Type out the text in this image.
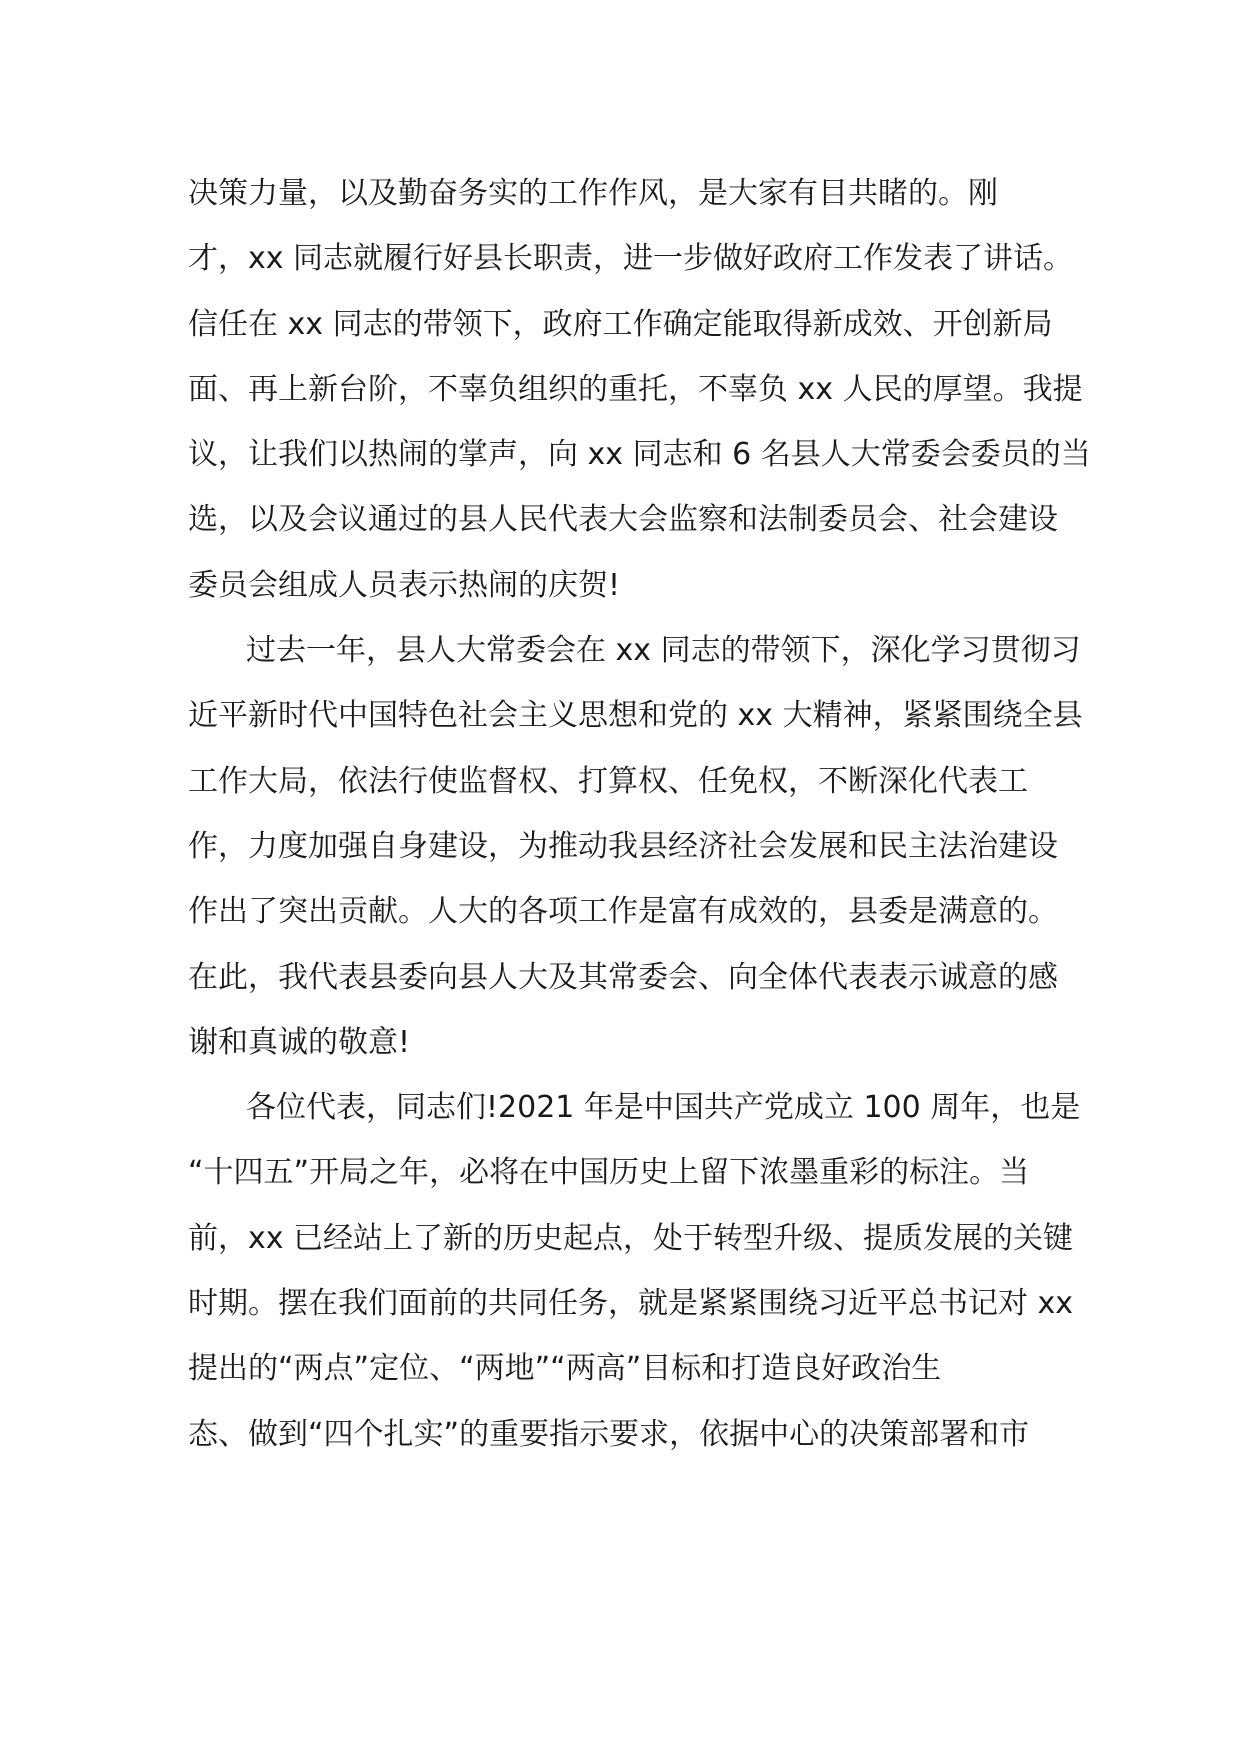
决策力量，以及勤奋务实的工作作风，是大家有目共睹的。刚
才，xx 同志就履行好县长职责，进一步做好政府工作发表了讲话。
信任在 xx 同志的带领下，政府工作确定能取得新成效、开创新局
面、再上新台阶，不辜负组织的重托，不辜负 xx 人民的厚望。我提
议，让我们以热闹的掌声，向 xx 同志和 6 名县人大常委会委员的当
选，以及会议通过的县人民代表大会监察和法制委员会、社会建设
委员会组成人员表示热闹的庆贺!
过去一年，县人大常委会在 xx 同志的带领下，深化学习贯彻习
近平新时代中国特色社会主义思想和党的 xx 大精神，紧紧围绕全县
工作大局，依法行使监督权、打算权、任免权，不断深化代表工
作，力度加强自身建设，为推动我县经济社会发展和民主法治建设
作出了突出贡献。人大的各项工作是富有成效的，县委是满意的。
在此，我代表县委向县人大及其常委会、向全体代表表示诚意的感
谢和真诚的敬意!
各位代表，同志们!2021 年是中国共产党成立 100 周年，也是
“十四五”开局之年，必将在中国历史上留下浓墨重彩的标注。当
前，xx 已经站上了新的历史起点，处于转型升级、提质发展的关键
时期。摆在我们面前的共同任务，就是紧紧围绕习近平总书记对 xx
提出的“两点”定位、“两地”“两高”目标和打造良好政治生
态、做到“四个扎实”的重要指示要求，依据中心的决策部署和市
